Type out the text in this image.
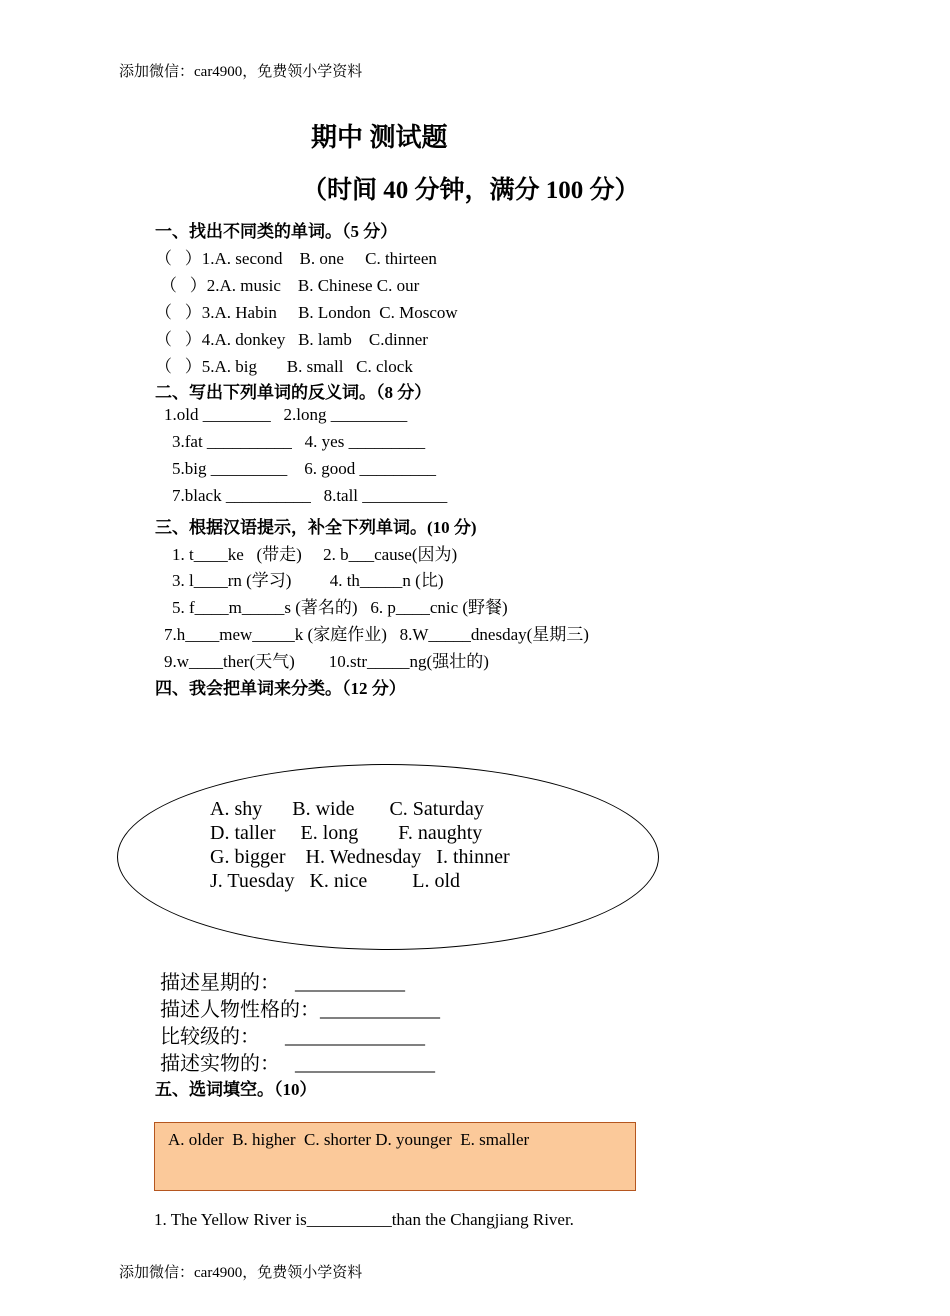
添加微信：car4900，免费领小学资料
期中 测试题
（时间 40 分钟，满分 100 分）
一、找出不同类的单词。（5 分）
（   ）1.A. second    B. one     C. thirteen
（   ）2.A. music    B. Chinese C. our
（   ）3.A. Habin     B. London  C. Moscow
（   ）4.A. donkey   B. lamb    C.dinner
（   ）5.A. big       B. small   C. clock
二、写出下列单词的反义词。（8 分）
1.old ________   2.long _________
3.fat __________   4. yes _________
5.big _________    6. good _________
7.black __________   8.tall __________
三、根据汉语提示，补全下列单词。(10 分)
1. t____ke   (带走)     2. b___cause(因为)
3. l____rn (学习)         4. th_____n (比)
5. f____m_____s (著名的)   6. p____cnic (野餐)
7.h____mew_____k (家庭作业)   8.W_____dnesday(星期三)
9.w____ther(天气)        10.str_____ng(强壮的)
四、我会把单词来分类。（12 分）
A. shy      B. wide       C. Saturday
D. taller     E. long        F. naughty
G. bigger    H. Wednesday   I. thinner
J. Tuesday   K. nice         L. old
描述星期的：   ___________
描述人物性格的：____________
比较级的：     ______________
描述实物的：   ______________
五、选词填空。（10）
A. older  B. higher  C. shorter D. younger  E. smaller
1. The Yellow River is__________than the Changjiang River.
添加微信：car4900，免费领小学资料
